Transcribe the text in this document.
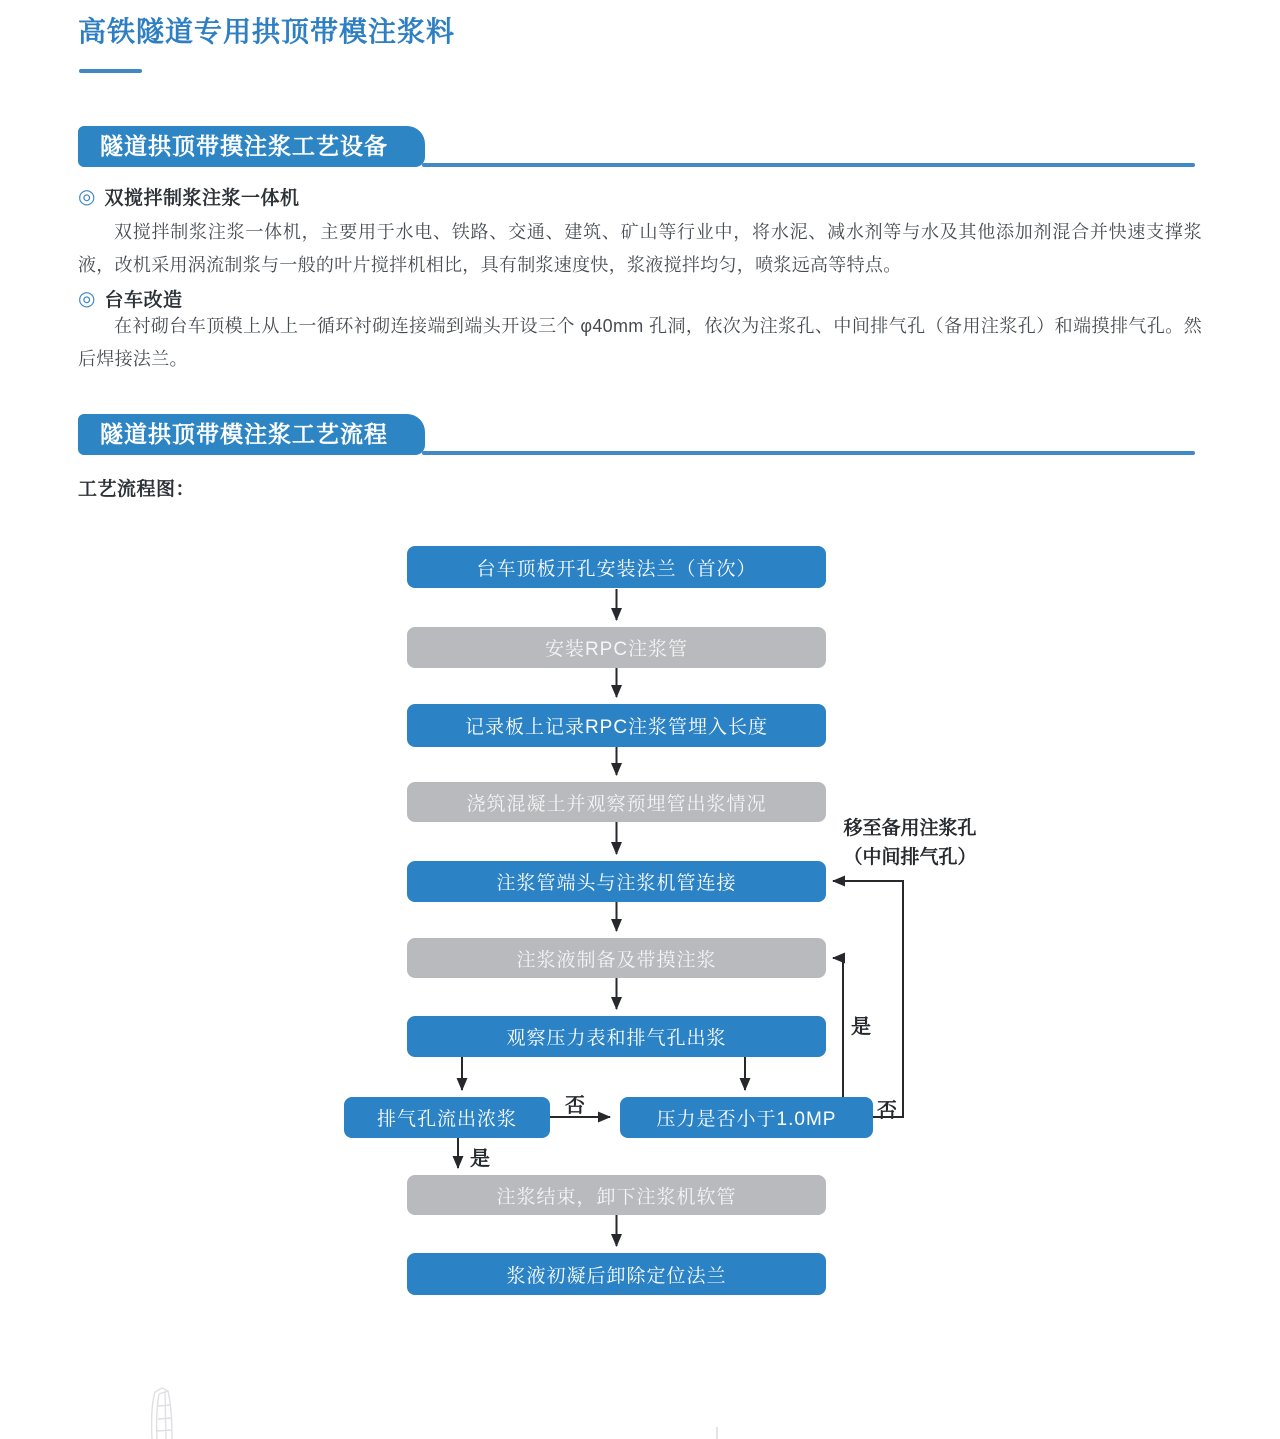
高铁隧道专用拱顶带模注浆料
隧道拱顶带摸注浆工艺设备
◎ 双搅拌制浆注浆一体机
双搅拌制浆注浆一体机，主要用于水电、铁路、交通、建筑、矿山等行业中，将水泥、减水剂等与水及其他添加剂混合并快速支撑浆液，改机采用涡流制浆与一般的叶片搅拌机相比，具有制浆速度快，浆液搅拌均匀，喷浆远高等特点。
◎ 台车改造
在衬砌台车顶模上从上一循环衬砌连接端到端头开设三个 φ40mm 孔洞，依次为注浆孔、中间排气孔（备用注浆孔）和端摸排气孔。然后焊接法兰。
隧道拱顶带模注浆工艺流程
工艺流程图：
台车顶板开孔安装法兰（首次）
安装RPC注浆管
记录板上记录RPC注浆管埋入长度
浇筑混凝土并观察预埋管出浆情况
注浆管端头与注浆机管连接
注浆液制备及带摸注浆
观察压力表和排气孔出浆
排气孔流出浓浆	压力是否小于1.0MP
注浆结束，卸下注浆机软管
浆液初凝后卸除定位法兰
否
是
是
否
移至备用注浆孔
（中间排气孔）
